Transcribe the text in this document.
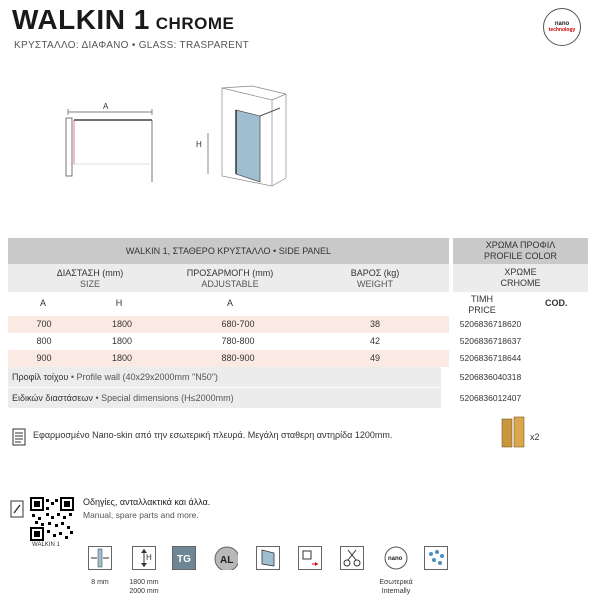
WALKIN 1 CHROME
ΚΡΥΣΤΑΛΛΟ: ΔΙΑΦΑΝΟ • GLASS: TRASPARENT
nano
technology
A
H
WALKIN 1, ΣΤΑΘΕΡΟ ΚΡΥΣΤΑΛΛΟ • SIDE PANEL
ΔΙΑΣΤΑΣΗ (mm)
SIZE
ΠΡΟΣΑΡΜΟΓΗ (mm)
ADJUSTABLE
ΒΑΡΟΣ (kg)
WEIGHT
A	H	A
ΧΡΩΜΑ ΠΡΟΦΙΛ
PROFILE COLOR
ΧΡΩΜΕ
CRHOME
ΤΙΜΗ
PRICE
COD.
700	1800	680-700	38	5206836718620
800	1800	780-800	42	5206836718637
900	1800	880-900	49	5206836718644
Προφίλ τοίχου • Profile wall (40x29x2000mm "N50")	5206836040318
Ειδικών διαστάσεων • Special dimensions (H≤2000mm)	5206836012407
Εφαρμοσμένο Nano-skin από την εσωτερική πλευρά. Μεγάλη σταθερη αντηρίδα 1200mm.	x2
WALKIN 1
Οδηγίες, ανταλλακτικά και άλλα.
Manual, spare parts and more.
8 mm
H
1800 mm
2000 mm
TG	AL	nano
Εσωτερικά
Internally
